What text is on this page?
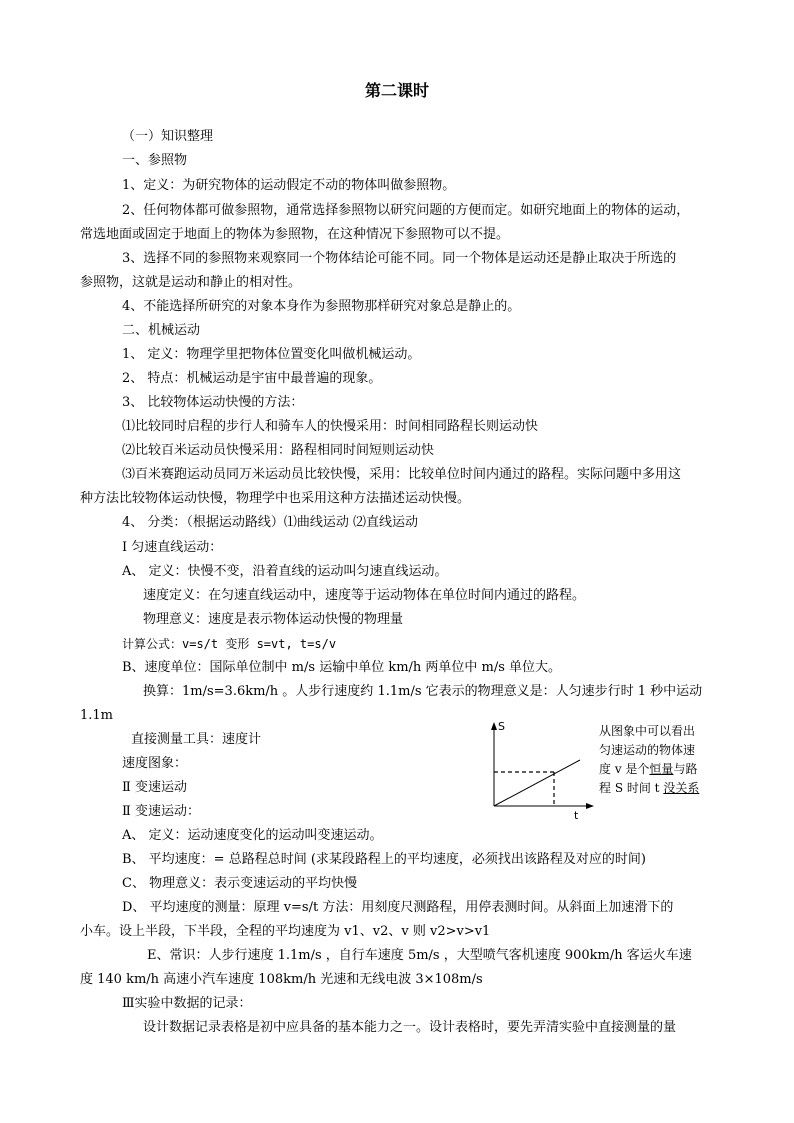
第二课时
（一）知识整理
一、参照物
1、定义：为研究物体的运动假定不动的物体叫做参照物。
2、任何物体都可做参照物，通常选择参照物以研究问题的方便而定。如研究地面上的物体的运动，
常选地面或固定于地面上的物体为参照物，在这种情况下参照物可以不提。
3、选择不同的参照物来观察同一个物体结论可能不同。同一个物体是运动还是静止取决于所选的
参照物，这就是运动和静止的相对性。
4、不能选择所研究的对象本身作为参照物那样研究对象总是静止的。
二、机械运动
1、 定义：物理学里把物体位置变化叫做机械运动。
2、 特点：机械运动是宇宙中最普遍的现象。
3、 比较物体运动快慢的方法：
⑴比较同时启程的步行人和骑车人的快慢采用：时间相同路程长则运动快
⑵比较百米运动员快慢采用：路程相同时间短则运动快
⑶百米赛跑运动员同万米运动员比较快慢，采用：比较单位时间内通过的路程。实际问题中多用这
种方法比较物体运动快慢，物理学中也采用这种方法描述运动快慢。
4、 分类：（根据运动路线）⑴曲线运动 ⑵直线运动
Ⅰ 匀速直线运动：
A、 定义：快慢不变，沿着直线的运动叫匀速直线运动。
速度定义：在匀速直线运动中，速度等于运动物体在单位时间内通过的路程。
物理意义：速度是表示物体运动快慢的物理量
计算公式：v=s/t 变形 s=vt, t=s/v
B、速度单位：国际单位制中 m/s 运输中单位 km/h 两单位中 m/s 单位大。
换算：1m/s=3.6km/h 。人步行速度约 1.1m/s 它表示的物理意义是：人匀速步行时 1 秒中运动
1.1m
直接测量工具：速度计
速度图象：
Ⅱ 变速运动
Ⅱ 变速运动：
A、 定义：运动速度变化的运动叫变速运动。
B、 平均速度：= 总路程总时间 (求某段路程上的平均速度，必须找出该路程及对应的时间)
C、 物理意义：表示变速运动的平均快慢
D、 平均速度的测量：原理 v=s/t 方法：用刻度尺测路程，用停表测时间。从斜面上加速滑下的
小车。设上半段，下半段，全程的平均速度为 v1、v2、v 则 v2>v>v1
E、常识：人步行速度 1.1m/s ，自行车速度 5m/s ，大型喷气客机速度 900km/h 客运火车速
度 140 km/h 高速小汽车速度 108km/h 光速和无线电波 3×108m/s
Ⅲ实验中数据的记录：
设计数据记录表格是初中应具备的基本能力之一。设计表格时，要先弄清实验中直接测量的量
S
t
从图象中可以看出
匀速运动的物体速
度 v 是个恒量与路
程 S 时间 t 没关系
